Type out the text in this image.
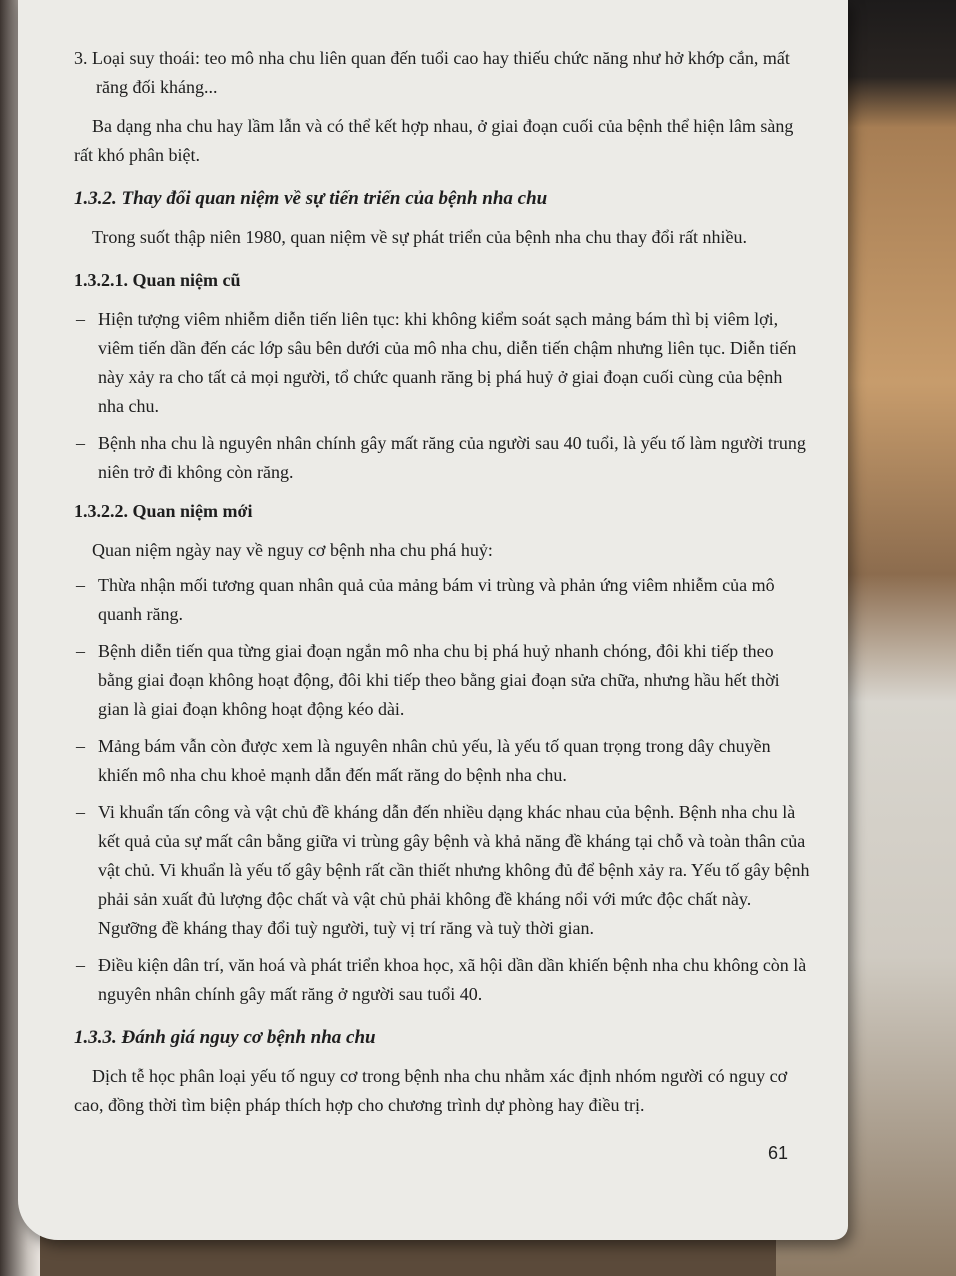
3. Loại suy thoái: teo mô nha chu liên quan đến tuổi cao hay thiếu chức năng như hở khớp cắn, mất răng đối kháng...

Ba dạng nha chu hay lầm lẫn và có thể kết hợp nhau, ở giai đoạn cuối của bệnh thể hiện lâm sàng rất khó phân biệt.

1.3.2. Thay đổi quan niệm về sự tiến triển của bệnh nha chu

Trong suốt thập niên 1980, quan niệm về sự phát triển của bệnh nha chu thay đổi rất nhiều.

1.3.2.1. Quan niệm cũ

– Hiện tượng viêm nhiễm diễn tiến liên tục: khi không kiểm soát sạch mảng bám thì bị viêm lợi, viêm tiến dần đến các lớp sâu bên dưới của mô nha chu, diễn tiến chậm nhưng liên tục. Diễn tiến này xảy ra cho tất cả mọi người, tổ chức quanh răng bị phá huỷ ở giai đoạn cuối cùng của bệnh nha chu.

– Bệnh nha chu là nguyên nhân chính gây mất răng của người sau 40 tuổi, là yếu tố làm người trung niên trở đi không còn răng.

1.3.2.2. Quan niệm mới

Quan niệm ngày nay về nguy cơ bệnh nha chu phá huỷ:

– Thừa nhận mối tương quan nhân quả của mảng bám vi trùng và phản ứng viêm nhiễm của mô quanh răng.

– Bệnh diễn tiến qua từng giai đoạn ngắn mô nha chu bị phá huỷ nhanh chóng, đôi khi tiếp theo bằng giai đoạn không hoạt động, đôi khi tiếp theo bằng giai đoạn sửa chữa, nhưng hầu hết thời gian là giai đoạn không hoạt động kéo dài.

– Mảng bám vẫn còn được xem là nguyên nhân chủ yếu, là yếu tố quan trọng trong dây chuyền khiến mô nha chu khoẻ mạnh dẫn đến mất răng do bệnh nha chu.

– Vi khuẩn tấn công và vật chủ đề kháng dẫn đến nhiều dạng khác nhau của bệnh. Bệnh nha chu là kết quả của sự mất cân bằng giữa vi trùng gây bệnh và khả năng đề kháng tại chỗ và toàn thân của vật chủ. Vi khuẩn là yếu tố gây bệnh rất cần thiết nhưng không đủ để bệnh xảy ra. Yếu tố gây bệnh phải sản xuất đủ lượng độc chất và vật chủ phải không đề kháng nổi với mức độc chất này. Ngưỡng đề kháng thay đổi tuỳ người, tuỳ vị trí răng và tuỳ thời gian.

– Điều kiện dân trí, văn hoá và phát triển khoa học, xã hội dần dần khiến bệnh nha chu không còn là nguyên nhân chính gây mất răng ở người sau tuổi 40.

1.3.3. Đánh giá nguy cơ bệnh nha chu

Dịch tễ học phân loại yếu tố nguy cơ trong bệnh nha chu nhằm xác định nhóm người có nguy cơ cao, đồng thời tìm biện pháp thích hợp cho chương trình dự phòng hay điều trị.

61
